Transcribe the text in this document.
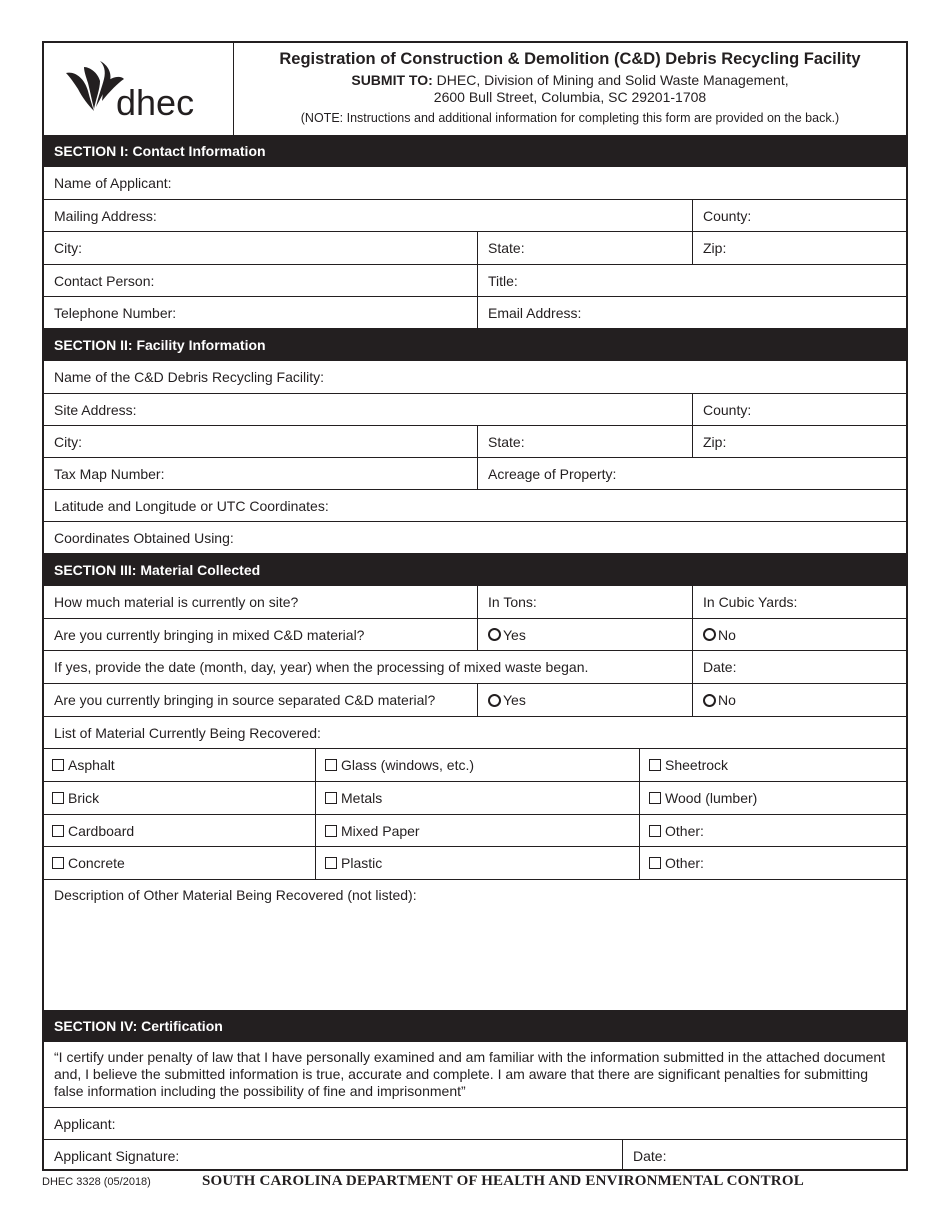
dhec
Registration of Construction & Demolition (C&D) Debris Recycling Facility
SUBMIT TO: DHEC, Division of Mining and Solid Waste Management,
2600 Bull Street, Columbia, SC 29201-1708
(NOTE: Instructions and additional information for completing this form are provided on the back.)
SECTION I: Contact Information
Name of Applicant:
Mailing Address:	County:
City:	State:	Zip:
Contact Person:	Title:
Telephone Number:	Email Address:
SECTION II: Facility Information
Name of the C&D Debris Recycling Facility:
Site Address:	County:
City:	State:	Zip:
Tax Map Number:	Acreage of Property:
Latitude and Longitude or UTC Coordinates:
Coordinates Obtained Using:
SECTION III: Material Collected
How much material is currently on site?	In Tons:	In Cubic Yards:
Are you currently bringing in mixed C&D material?	Yes	No
If yes, provide the date (month, day, year) when the processing of mixed waste began.	Date:
Are you currently bringing in source separated C&D material?	Yes	No
List of Material Currently Being Recovered:
Asphalt	Glass (windows, etc.)	Sheetrock
Brick	Metals	Wood (lumber)
Cardboard	Mixed Paper	Other:
Concrete	Plastic	Other:
Description of Other Material Being Recovered (not listed):
SECTION IV: Certification
“I certify under penalty of law that I have personally examined and am familiar with the information submitted in the attached document and, I believe the submitted information is true, accurate and complete. I am aware that there are significant penalties for submitting false information including the possibility of fine and imprisonment”
Applicant:
Applicant Signature:	Date:
DHEC 3328 (05/2018)	SOUTH CAROLINA DEPARTMENT OF HEALTH AND ENVIRONMENTAL CONTROL
